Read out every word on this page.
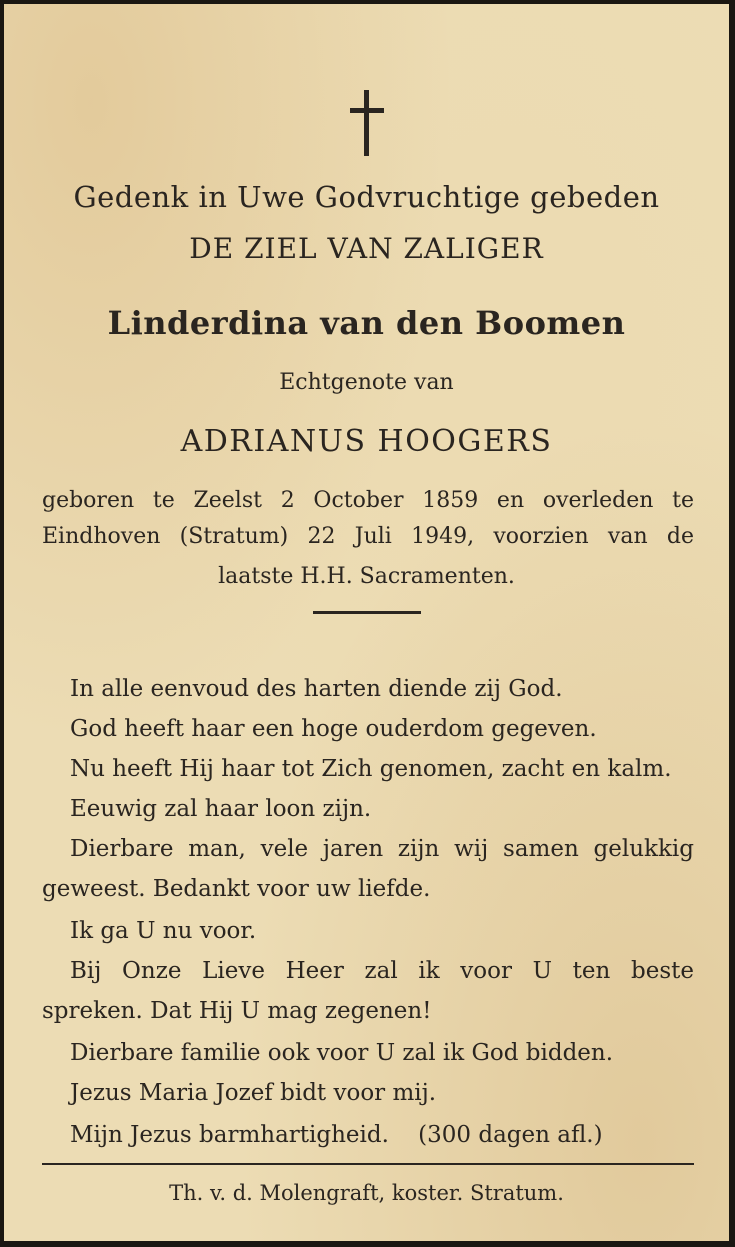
Gedenk in Uwe Godvruchtige gebeden
DE ZIEL VAN ZALIGER
Linderdina van den Boomen
Echtgenote van
ADRIANUS HOOGERS
geboren te Zeelst 2 October 1859 en overleden te
Eindhoven (Stratum) 22 Juli 1949, voorzien van de
laatste H.H. Sacramenten.
In alle eenvoud des harten diende zij God.
God heeft haar een hoge ouderdom gegeven.
Nu heeft Hij haar tot Zich genomen, zacht en kalm.
Eeuwig zal haar loon zijn.
Dierbare man, vele jaren zijn wij samen gelukkig
geweest. Bedankt voor uw liefde.
Ik ga U nu voor.
Bij Onze Lieve Heer zal ik voor U ten beste
spreken. Dat Hij U mag zegenen!
Dierbare familie ook voor U zal ik God bidden.
Jezus Maria Jozef bidt voor mij.
Mijn Jezus barmhartigheid.    (300 dagen afl.)
Th. v. d. Molengraft, koster. Stratum.
